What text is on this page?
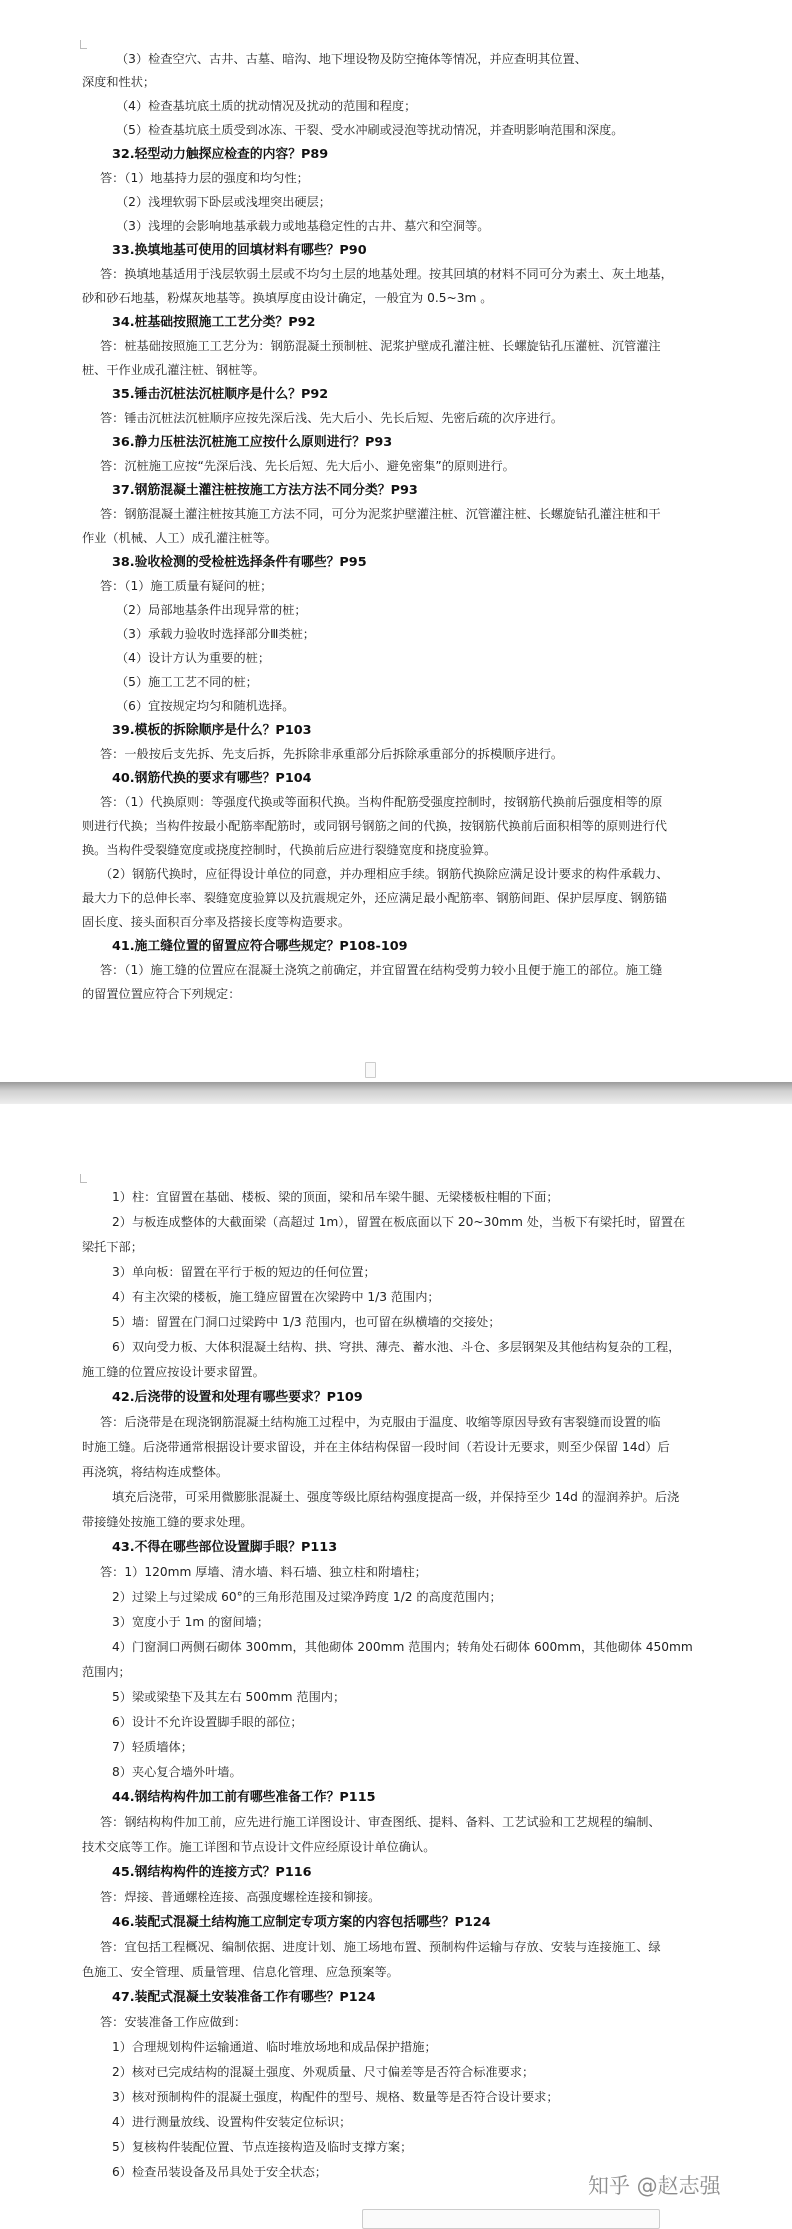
（3）检查空穴、古井、古墓、暗沟、地下埋设物及防空掩体等情况，并应查明其位置、
深度和性状；
（4）检查基坑底土质的扰动情况及扰动的范围和程度；
（5）检查基坑底土质受到冰冻、干裂、受水冲刷或浸泡等扰动情况，并查明影响范围和深度。
32.轻型动力触探应检查的内容？P89
答：（1）地基持力层的强度和均匀性；
（2）浅埋软弱下卧层或浅埋突出硬层；
（3）浅埋的会影响地基承载力或地基稳定性的古井、墓穴和空洞等。
33.换填地基可使用的回填材料有哪些？P90
答：换填地基适用于浅层软弱土层或不均匀土层的地基处理。按其回填的材料不同可分为素土、灰土地基，
砂和砂石地基，粉煤灰地基等。换填厚度由设计确定，一般宜为 0.5~3m 。
34.桩基础按照施工工艺分类？P92
答：桩基础按照施工工艺分为：钢筋混凝土预制桩、泥浆护壁成孔灌注桩、长螺旋钻孔压灌桩、沉管灌注
桩、干作业成孔灌注桩、钢桩等。
35.锤击沉桩法沉桩顺序是什么？P92
答：锤击沉桩法沉桩顺序应按先深后浅、先大后小、先长后短、先密后疏的次序进行。
36.静力压桩法沉桩施工应按什么原则进行？P93
答：沉桩施工应按“先深后浅、先长后短、先大后小、避免密集”的原则进行。
37.钢筋混凝土灌注桩按施工方法方法不同分类？P93
答：钢筋混凝土灌注桩按其施工方法不同，可分为泥浆护壁灌注桩、沉管灌注桩、长螺旋钻孔灌注桩和干
作业（机械、人工）成孔灌注桩等。
38.验收检测的受检桩选择条件有哪些？P95
答：（1）施工质量有疑问的桩；
（2）局部地基条件出现异常的桩；
（3）承载力验收时选择部分Ⅲ类桩；
（4）设计方认为重要的桩；
（5）施工工艺不同的桩；
（6）宜按规定均匀和随机选择。
39.模板的拆除顺序是什么？P103
答：一般按后支先拆、先支后拆，先拆除非承重部分后拆除承重部分的拆模顺序进行。
40.钢筋代换的要求有哪些？P104
答：（1）代换原则：等强度代换或等面积代换。当构件配筋受强度控制时，按钢筋代换前后强度相等的原
则进行代换；当构件按最小配筋率配筋时，或同钢号钢筋之间的代换，按钢筋代换前后面积相等的原则进行代
换。当构件受裂缝宽度或挠度控制时，代换前后应进行裂缝宽度和挠度验算。
（2）钢筋代换时，应征得设计单位的同意，并办理相应手续。钢筋代换除应满足设计要求的构件承载力、
最大力下的总伸长率、裂缝宽度验算以及抗震规定外，还应满足最小配筋率、钢筋间距、保护层厚度、钢筋锚
固长度、接头面积百分率及搭接长度等构造要求。
41.施工缝位置的留置应符合哪些规定？P108-109
答：（1）施工缝的位置应在混凝土浇筑之前确定，并宜留置在结构受剪力较小且便于施工的部位。施工缝
的留置位置应符合下列规定：
1）柱：宜留置在基础、楼板、梁的顶面，梁和吊车梁牛腿、无梁楼板柱帽的下面；
2）与板连成整体的大截面梁（高超过 1m），留置在板底面以下 20~30mm 处，当板下有梁托时，留置在
梁托下部；
3）单向板：留置在平行于板的短边的任何位置；
4）有主次梁的楼板，施工缝应留置在次梁跨中 1/3 范围内；
5）墙：留置在门洞口过梁跨中 1/3 范围内，也可留在纵横墙的交接处；
6）双向受力板、大体积混凝土结构、拱、穹拱、薄壳、蓄水池、斗仓、多层钢架及其他结构复杂的工程，
施工缝的位置应按设计要求留置。
42.后浇带的设置和处理有哪些要求？P109
答：后浇带是在现浇钢筋混凝土结构施工过程中，为克服由于温度、收缩等原因导致有害裂缝而设置的临
时施工缝。后浇带通常根据设计要求留设，并在主体结构保留一段时间（若设计无要求，则至少保留 14d）后
再浇筑，将结构连成整体。
填充后浇带，可采用微膨胀混凝土、强度等级比原结构强度提高一级，并保持至少 14d 的湿润养护。后浇
带接缝处按施工缝的要求处理。
43.不得在哪些部位设置脚手眼？P113
答：1）120mm 厚墙、清水墙、料石墙、独立柱和附墙柱；
2）过梁上与过梁成 60°的三角形范围及过梁净跨度 1/2 的高度范围内；
3）宽度小于 1m 的窗间墙；
4）门窗洞口两侧石砌体 300mm，其他砌体 200mm 范围内；转角处石砌体 600mm，其他砌体 450mm
范围内；
5）梁或梁垫下及其左右 500mm 范围内；
6）设计不允许设置脚手眼的部位；
7）轻质墙体；
8）夹心复合墙外叶墙。
44.钢结构构件加工前有哪些准备工作？P115
答：钢结构构件加工前，应先进行施工详图设计、审查图纸、提料、备料、工艺试验和工艺规程的编制、
技术交底等工作。施工详图和节点设计文件应经原设计单位确认。
45.钢结构构件的连接方式？P116
答：焊接、普通螺栓连接、高强度螺栓连接和铆接。
46.装配式混凝土结构施工应制定专项方案的内容包括哪些？P124
答：宜包括工程概况、编制依据、进度计划、施工场地布置、预制构件运输与存放、安装与连接施工、绿
色施工、安全管理、质量管理、信息化管理、应急预案等。
47.装配式混凝土安装准备工作有哪些？P124
答：安装准备工作应做到：
1）合理规划构件运输通道、临时堆放场地和成品保护措施；
2）核对已完成结构的混凝土强度、外观质量、尺寸偏差等是否符合标准要求；
3）核对预制构件的混凝土强度，构配件的型号、规格、数量等是否符合设计要求；
4）进行测量放线、设置构件安装定位标识；
5）复核构件装配位置、节点连接构造及临时支撑方案；
6）检查吊装设备及吊具处于安全状态；
知乎 @赵志强
